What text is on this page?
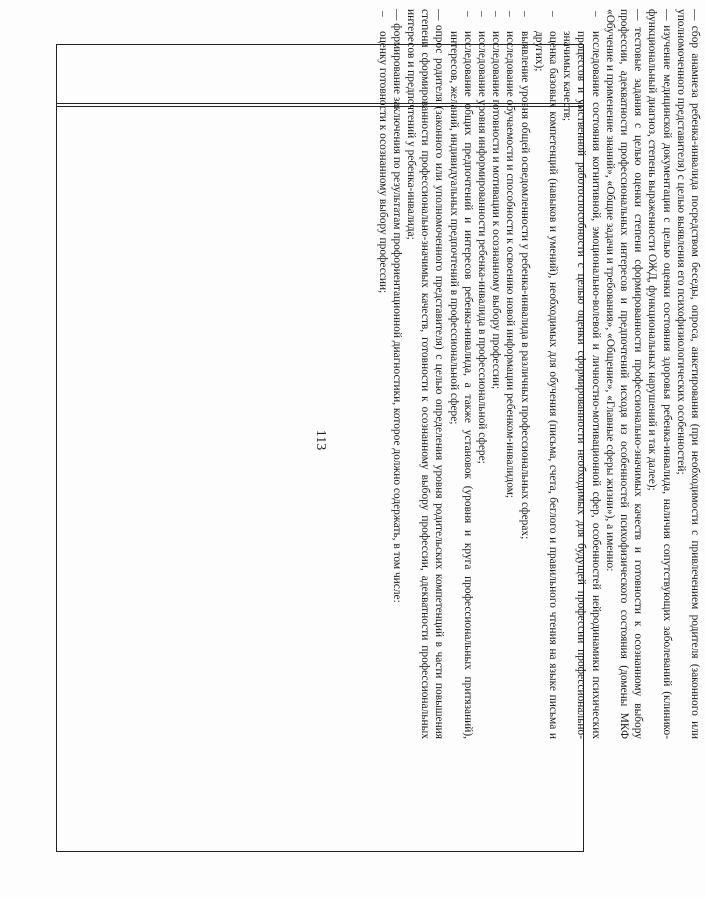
113

—	сбор анамнеза ребенка-инвалида посредством беседы, опроса, анкетирования (при необходимости с привлечением родителя (законного или уполномоченного представителя) с целью выявления его психофизиологических особенностей;

— изучение медицинской документации с целью оценки состояния здоровья ребенка-инвалида, наличия сопутствующих заболеваний (клинико-функциональный диагноз, степень выраженности ОЖД, функциональных нарушений и так далее);

— тестовые задания с целью оценки степени сформированности профессионально-значимых качеств и готовности к осознанному выбору профессии, адекватности профессиональных интересов и предпочтений исходя из особенностей психофизического состояния (домены МКФ «Обучение и применение знаний», «Общие задачи и требования», «Общение», «Главные сферы жизни»), а именно:

– исследование состояния когнитивной, эмоционально-волевой и личностно-мотивационной сфер, особенностей нейродинамики психических процессов и умственной работоспособности с целью оценки сформированности необходимых для будущей профессии профессионально-значимых качеств;
– оценка базовых компетенций (навыков и умений), необходимых для обучения (письма, счета, беглого и правильного чтения на языке письма и других);
– выявление уровня общей осведомленности у ребенка-инвалида в различных профессиональных сферах;
– исследование обучаемости и способности к освоению новой информации ребенком-инвалидом;
– исследование готовности и мотивации к осознанному выбору профессии;
– исследование уровня информированности ребенка-инвалида в профессиональной сфере;
– исследование общих предпочтений и интересов ребенка-инвалида, а также установок (уровня и круга профессиональных притязаний), интересов, желаний, индивидуальных предпочтений в профессиональной сфере;

— опрос родителя (законного или уполномоченного представителя) с целью определения уровня родительских компетенций в части повышения степени сформированности профессионально-значимых качеств, готовности к осознанному выбору профессии, адекватности профессиональных интересов и предпочтений у ребенка-инвалида;

— формирование заключения по результатам профориентационной диагностики, которое должно содержать, в том числе:

– оценку готовности к осознанному выбору профессии;
